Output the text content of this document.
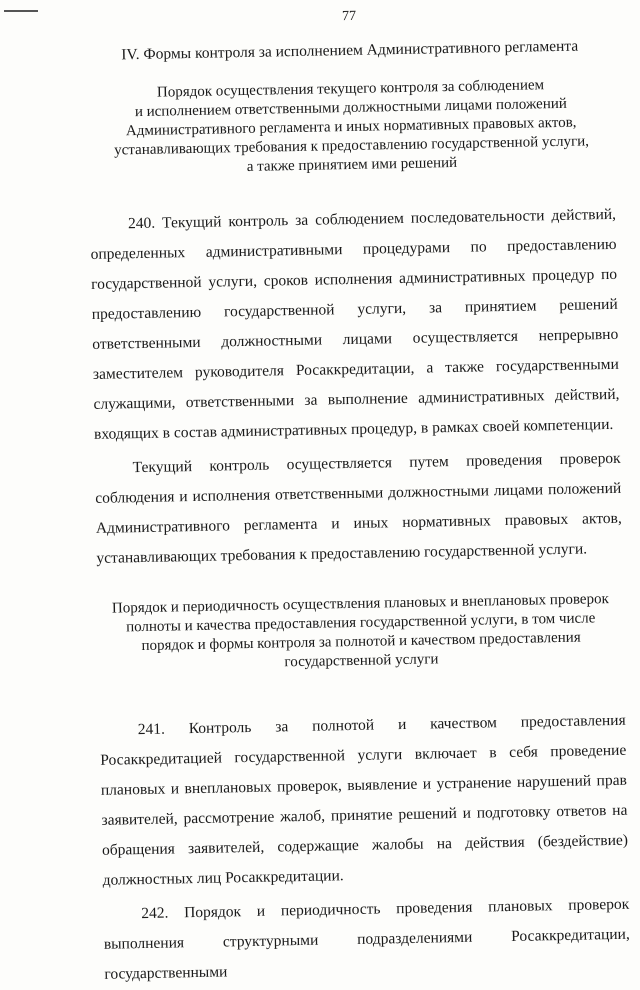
77
IV. Формы контроля за исполнением Административного регламента
Порядок осуществления текущего контроля за соблюдением
и исполнением ответственными должностными лицами положений
Административного регламента и иных нормативных правовых актов,
устанавливающих требования к предоставлению государственной услуги,
а также принятием ими решений

240. Текущий контроль за соблюдением последовательности действий, определенных административными процедурами по предоставлению государственной услуги, сроков исполнения административных процедур по предоставлению государственной услуги, за принятием решений ответственными должностными лицами осуществляется непрерывно заместителем руководителя Росаккредитации, а также государственными служащими, ответственными за выполнение административных действий, входящих в состав административных процедур, в рамках своей компетенции.

Текущий контроль осуществляется путем проведения проверок соблюдения и исполнения ответственными должностными лицами положений Административного регламента и иных нормативных правовых актов, устанавливающих требования к предоставлению государственной услуги.

Порядок и периодичность осуществления плановых и внеплановых проверок
полноты и качества предоставления государственной услуги, в том числе
порядок и формы контроля за полнотой и качеством предоставления
государственной услуги

241. Контроль за полнотой и качеством предоставления Росаккредитацией государственной услуги включает в себя проведение плановых и внеплановых проверок, выявление и устранение нарушений прав заявителей, рассмотрение жалоб, принятие решений и подготовку ответов на обращения заявителей, содержащие жалобы на действия (бездействие) должностных лиц Росаккредитации.

242. Порядок и периодичность проведения плановых проверок выполнения структурными подразделениями Росаккредитации, государственными
